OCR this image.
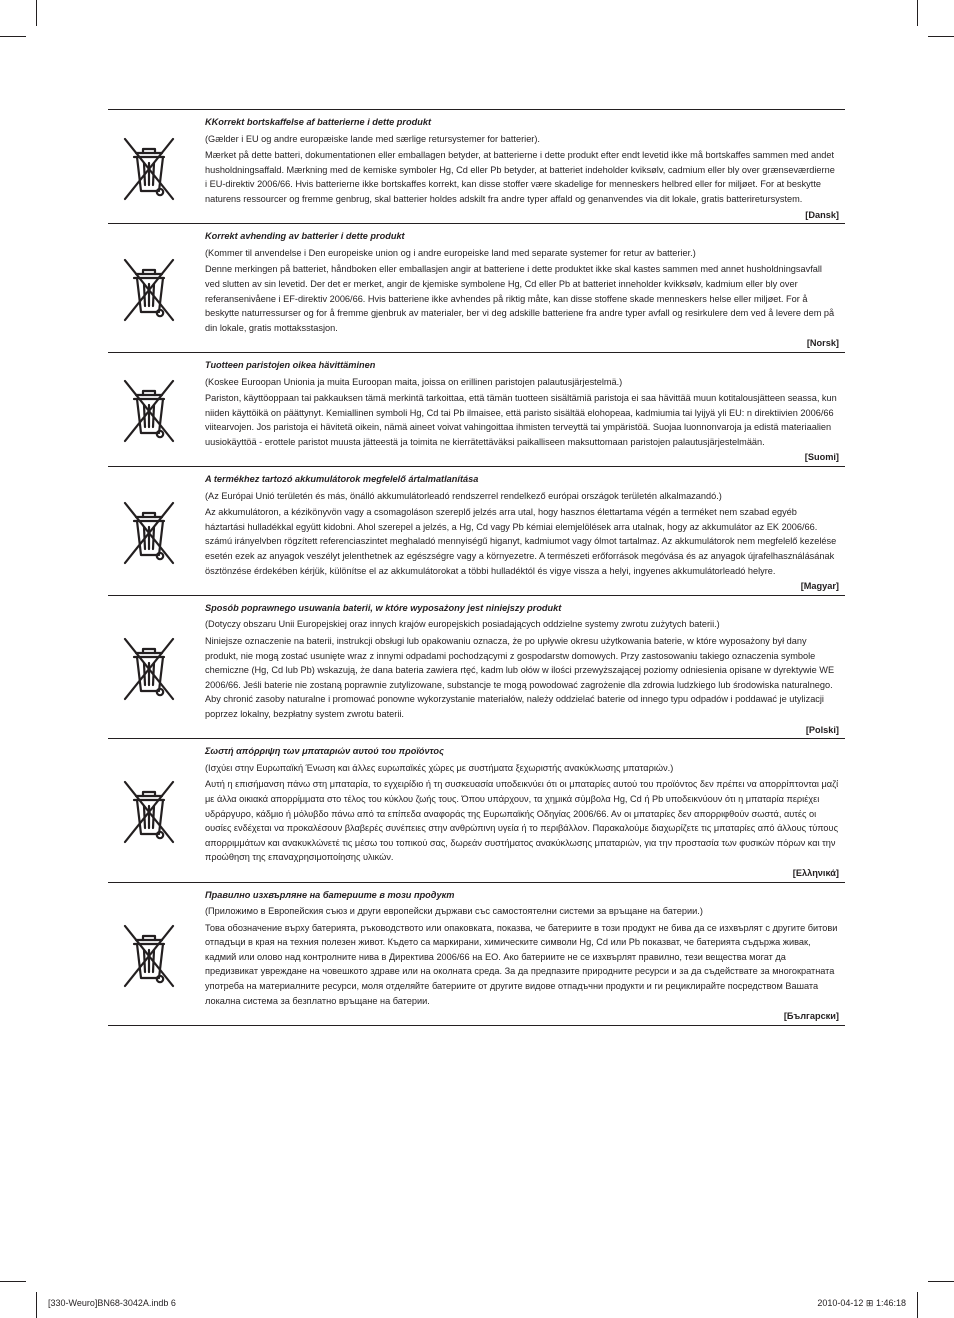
KKorrekt bortskaffelse af batterierne i dette produkt
(Gælder i EU og andre europæiske lande med særlige retursystemer for batterier).
Mærket på dette batteri, dokumentationen eller emballagen betyder, at batterierne i dette produkt efter endt levetid ikke må bortskaffes sammen med andet husholdningsaffald. Mærkning med de kemiske symboler Hg, Cd eller Pb betyder, at batteriet indeholder kviksølv, cadmium eller bly over grænseværdierne i EU-direktiv 2006/66. Hvis batterierne ikke bortskaffes korrekt, kan disse stoffer være skadelige for menneskers helbred eller for miljøet. For at beskytte naturens ressourcer og fremme genbrug, skal batterier holdes adskilt fra andre typer affald og genanvendes via dit lokale, gratis batteriretursystem.
[Dansk]
Korrekt avhending av batterier i dette produkt
(Kommer til anvendelse i Den europeiske union og i andre europeiske land med separate systemer for retur av batterier.)
Denne merkingen på batteriet, håndboken eller emballasjen angir at batteriene i dette produktet ikke skal kastes sammen med annet husholdningsavfall ved slutten av sin levetid. Der det er merket, angir de kjemiske symbolene Hg, Cd eller Pb at batteriet inneholder kvikksølv, kadmium eller bly over referansenivåene i EF-direktiv 2006/66. Hvis batteriene ikke avhendes på riktig måte, kan disse stoffene skade menneskers helse eller miljøet. For å beskytte naturressurser og for å fremme gjenbruk av materialer, ber vi deg adskille batteriene fra andre typer avfall og resirkulere dem ved å levere dem på din lokale, gratis mottaksstasjon.
[Norsk]
Tuotteen paristojen oikea hävittäminen
(Koskee Euroopan Unionia ja muita Euroopan maita, joissa on erillinen paristojen palautusjärjestelmä.)
Pariston, käyttöoppaan tai pakkauksen tämä merkintä tarkoittaa, että tämän tuotteen sisältämiä paristoja ei saa hävittää muun kotitalousjätteen seassa, kun niiden käyttöikä on päättynyt. Kemiallinen symboli Hg, Cd tai Pb ilmaisee, että paristo sisältää elohopeaa, kadmiumia tai lyijyä yli EU: n direktiivien 2006/66 viitearvojen. Jos paristoja ei hävitetä oikein, nämä aineet voivat vahingoittaa ihmisten terveyttä tai ympäristöä. Suojaa luonnonvaroja ja edistä materiaalien uusiokäyttöä - erottele paristot muusta jätteestä ja toimita ne kierrätettäväksi paikalliseen maksuttomaan paristojen palautusjärjestelmään.
[Suomi]
A termékhez tartozó akkumulátorok megfelelő ártalmatlanítása
(Az Európai Unió területén és más, önálló akkumulátorleadó rendszerrel rendelkező európai országok területén alkalmazandó.)
Az akkumulátoron, a kézikönyvön vagy a csomagoláson szereplő jelzés arra utal, hogy hasznos élettartama végén a terméket nem szabad egyéb háztartási hulladékkal együtt kidobni. Ahol szerepel a jelzés, a Hg, Cd vagy Pb kémiai elemjelölések arra utalnak, hogy az akkumulátor az EK 2006/66. számú irányelvben rögzített referenciaszintet meghaladó mennyiségű higanyt, kadmiumot vagy ólmot tartalmaz. Az akkumulátorok nem megfelelő kezelése esetén ezek az anyagok veszélyt jelenthetnek az egészségre vagy a környezetre. A természeti erőforrások megóvása és az anyagok újrafelhasználásának ösztönzése érdekében kérjük, különítse el az akkumulátorokat a többi hulladéktól és vigye vissza a helyi, ingyenes akkumulátorleadó helyre.
[Magyar]
Sposób poprawnego usuwania baterii, w które wyposażony jest niniejszy produkt
(Dotyczy obszaru Unii Europejskiej oraz innych krajów europejskich posiadających oddzielne systemy zwrotu zużytych baterii.)
Niniejsze oznaczenie na baterii, instrukcji obsługi lub opakowaniu oznacza, że po upływie okresu użytkowania baterie, w które wyposażony był dany produkt, nie mogą zostać usunięte wraz z innymi odpadami pochodzącymi z gospodarstw domowych. Przy zastosowaniu takiego oznaczenia symbole chemiczne (Hg, Cd lub Pb) wskazują, że dana bateria zawiera rtęć, kadm lub ołów w ilości przewyższającej poziomy odniesienia opisane w dyrektywie WE 2006/66. Jeśli baterie nie zostaną poprawnie zutylizowane, substancje te mogą powodować zagrożenie dla zdrowia ludzkiego lub środowiska naturalnego. Aby chronić zasoby naturalne i promować ponowne wykorzystanie materiałów, należy oddzielać baterie od innego typu odpadów i poddawać je utylizacji poprzez lokalny, bezpłatny system zwrotu baterii.
[Polski]
Σωστή απόρριψη των μπαταριών αυτού του προϊόντος
(Ισχύει στην Ευρωπαϊκή Ένωση και άλλες ευρωπαϊκές χώρες με συστήματα ξεχωριστής ανακύκλωσης μπαταριών.)
Αυτή η επισήμανση πάνω στη μπαταρία, το εγχειρίδιο ή τη συσκευασία υποδεικνύει ότι οι μπαταρίες αυτού του προϊόντος δεν πρέπει να απορρίπτονται μαζί με άλλα οικιακά απορρίμματα στο τέλος του κύκλου ζωής τους. Όπου υπάρχουν, τα χημικά σύμβολα Hg, Cd ή Pb υποδεικνύουν ότι η μπαταρία περιέχει υδράργυρο, κάδμιο ή μόλυβδο πάνω από τα επίπεδα αναφοράς της Ευρωπαϊκής Οδηγίας 2006/66. Αν οι μπαταρίες δεν απορριφθούν σωστά, αυτές οι ουσίες ενδέχεται να προκαλέσουν βλαβερές συνέπειες στην ανθρώπινη υγεία ή το περιβάλλον. Παρακαλούμε διαχωρίζετε τις μπαταρίες από άλλους τύπους απορριμμάτων και ανακυκλώνετέ τις μέσω του τοπικού σας, δωρεάν συστήματος ανακύκλωσης μπαταριών, για την προστασία των φυσικών πόρων και την προώθηση της επαναχρησιμοποίησης υλικών.
[Ελληνικά]
Правилно изхвърляне на батериите в този продукт
(Приложимо в Европейския съюз и други европейски държави със самостоятелни системи за връщане на батерии.)
Това обозначение върху батерията, ръководството или опаковката, показва, че батериите в този продукт не бива да се изхвърлят с другите битови отпадъци в края на техния полезен живот. Където са маркирани, химическите символи Hg, Cd или Pb показват, че батерията съдържа живак, кадмий или олово над контролните нива в Директива 2006/66 на ЕО. Ако батериите не се изхвърлят правилно, тези вещества могат да предизвикат увреждане на човешкото здраве или на околната среда. За да предпазите природните ресурси и за да съдействате за многократната употреба на материалните ресурси, моля отделяйте батериите от другите видове отпадъчни продукти и ги рециклирайте посредством Вашата локална система за безплатно връщане на батерии.
[Български]
[330-Weuro]BN68-3042A.indb 6	2010-04-12 ⊞ 1:46:18
